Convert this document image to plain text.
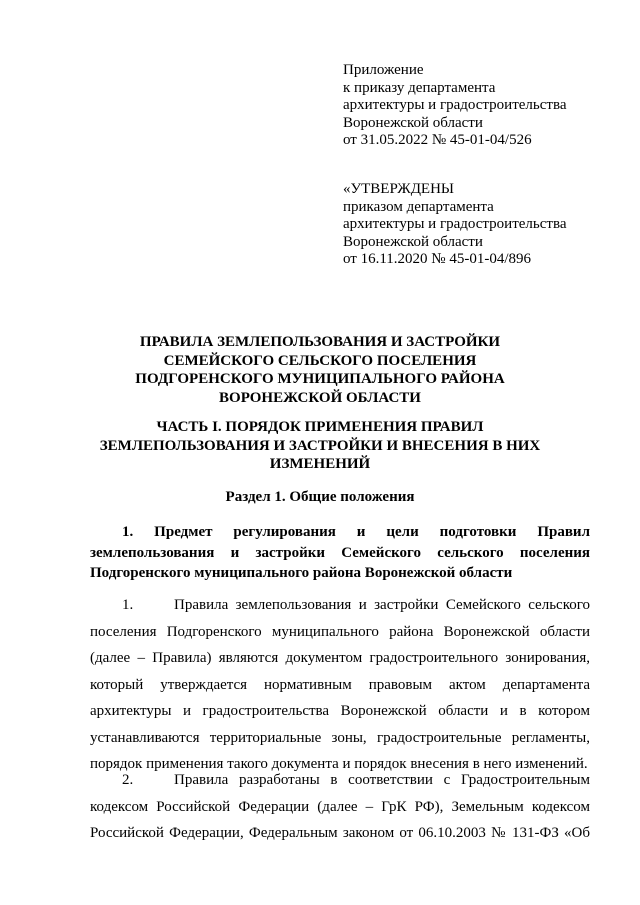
Приложение
к приказу департамента
архитектуры и градостроительства
Воронежской области
от 31.05.2022 № 45-01-04/526
«УТВЕРЖДЕНЫ
приказом департамента
архитектуры и градостроительства
Воронежской области
от 16.11.2020 № 45-01-04/896
ПРАВИЛА ЗЕМЛЕПОЛЬЗОВАНИЯ И ЗАСТРОЙКИ
СЕМЕЙСКОГО СЕЛЬСКОГО ПОСЕЛЕНИЯ
ПОДГОРЕНСКОГО МУНИЦИПАЛЬНОГО РАЙОНА
ВОРОНЕЖСКОЙ ОБЛАСТИ
ЧАСТЬ I. ПОРЯДОК ПРИМЕНЕНИЯ ПРАВИЛ
ЗЕМЛЕПОЛЬЗОВАНИЯ И ЗАСТРОЙКИ И ВНЕСЕНИЯ В НИХ
ИЗМЕНЕНИЙ
Раздел 1. Общие положения
1. Предмет регулирования и цели подготовки Правил
землепользования и застройки Семейского сельского поселения
Подгоренского муниципального района Воронежской области
1.	Правила землепользования и застройки Семейского сельского
поселения Подгоренского муниципального района Воронежской области
(далее – Правила) являются документом градостроительного зонирования,
который утверждается нормативным правовым актом департамента
архитектуры и градостроительства Воронежской области и в котором
устанавливаются территориальные зоны, градостроительные регламенты,
порядок применения такого документа и порядок внесения в него изменений.
2.	Правила разработаны в соответствии с Градостроительным
кодексом Российской Федерации (далее – ГрК РФ), Земельным кодексом
Российской Федерации, Федеральным законом от 06.10.2003 № 131-ФЗ «Об
